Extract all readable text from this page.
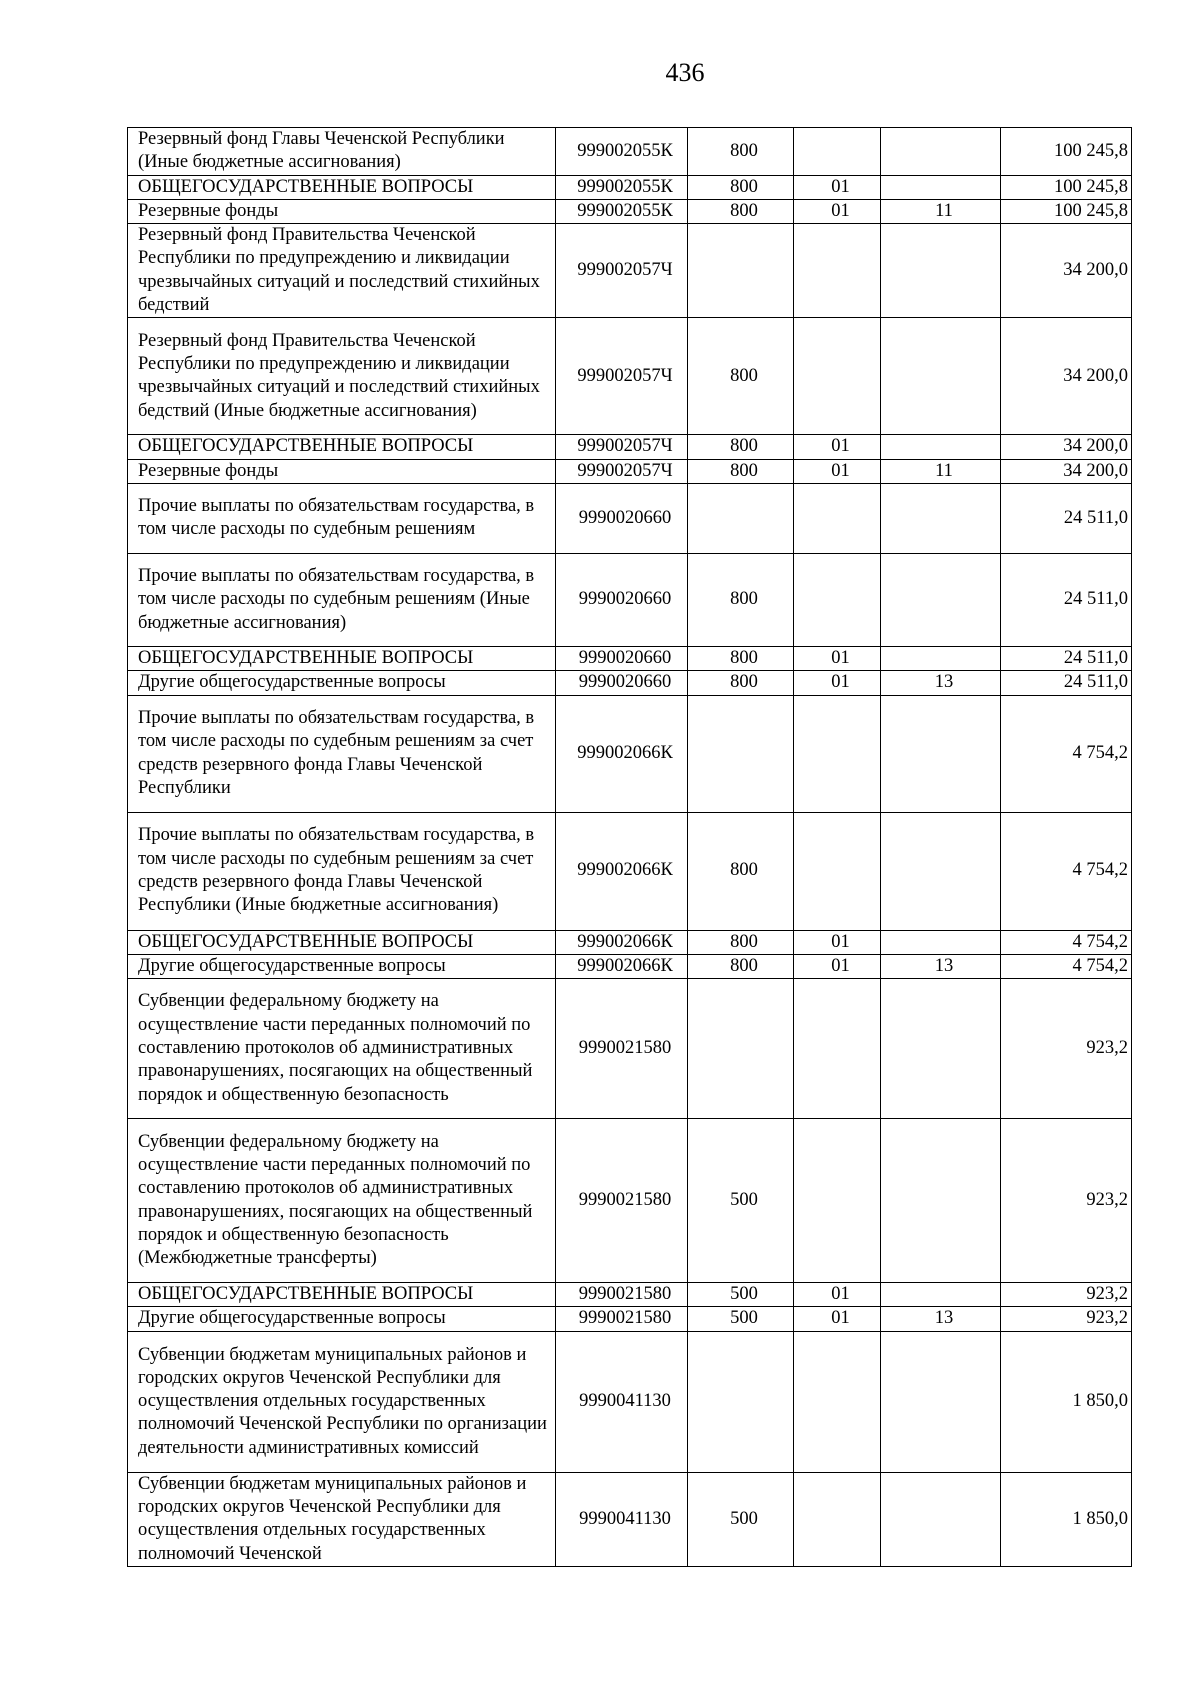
436
Резервный фонд Главы Чеченской Республики (Иные бюджетные ассигнования)	999002055К	800			100 245,8
ОБЩЕГОСУДАРСТВЕННЫЕ ВОПРОСЫ	999002055К	800	01		100 245,8
Резервные фонды	999002055К	800	01	11	100 245,8
Резервный фонд Правительства Чеченской Республики по предупреждению и ликвидации чрезвычайных ситуаций и последствий стихийных бедствий	999002057Ч				34 200,0
Резервный фонд Правительства Чеченской Республики по предупреждению и ликвидации чрезвычайных ситуаций и последствий стихийных бедствий (Иные бюджетные ассигнования)	999002057Ч	800			34 200,0
ОБЩЕГОСУДАРСТВЕННЫЕ ВОПРОСЫ	999002057Ч	800	01		34 200,0
Резервные фонды	999002057Ч	800	01	11	34 200,0
Прочие выплаты по обязательствам государства, в том числе расходы по судебным решениям	9990020660				24 511,0
Прочие выплаты по обязательствам государства, в том числе расходы по судебным решениям (Иные бюджетные ассигнования)	9990020660	800			24 511,0
ОБЩЕГОСУДАРСТВЕННЫЕ ВОПРОСЫ	9990020660	800	01		24 511,0
Другие общегосударственные вопросы	9990020660	800	01	13	24 511,0
Прочие выплаты по обязательствам государства, в том числе расходы по судебным решениям за счет средств резервного фонда Главы Чеченской Республики	999002066К				4 754,2
Прочие выплаты по обязательствам государства, в том числе расходы по судебным решениям за счет средств резервного фонда Главы Чеченской Республики (Иные бюджетные ассигнования)	999002066К	800			4 754,2
ОБЩЕГОСУДАРСТВЕННЫЕ ВОПРОСЫ	999002066К	800	01		4 754,2
Другие общегосударственные вопросы	999002066К	800	01	13	4 754,2
Субвенции федеральному бюджету на осуществление части переданных полномочий по составлению протоколов об административных правонарушениях, посягающих на общественный порядок и общественную безопасность	9990021580				923,2
Субвенции федеральному бюджету на осуществление части переданных полномочий по составлению протоколов об административных правонарушениях, посягающих на общественный порядок и общественную безопасность (Межбюджетные трансферты)	9990021580	500			923,2
ОБЩЕГОСУДАРСТВЕННЫЕ ВОПРОСЫ	9990021580	500	01		923,2
Другие общегосударственные вопросы	9990021580	500	01	13	923,2
Субвенции бюджетам муниципальных районов и городских округов Чеченской Республики для осуществления отдельных государственных полномочий Чеченской Республики по организации деятельности административных комиссий	9990041130				1 850,0
Субвенции бюджетам муниципальных районов и городских округов Чеченской Республики для осуществления отдельных государственных полномочий Чеченской	9990041130	500			1 850,0
